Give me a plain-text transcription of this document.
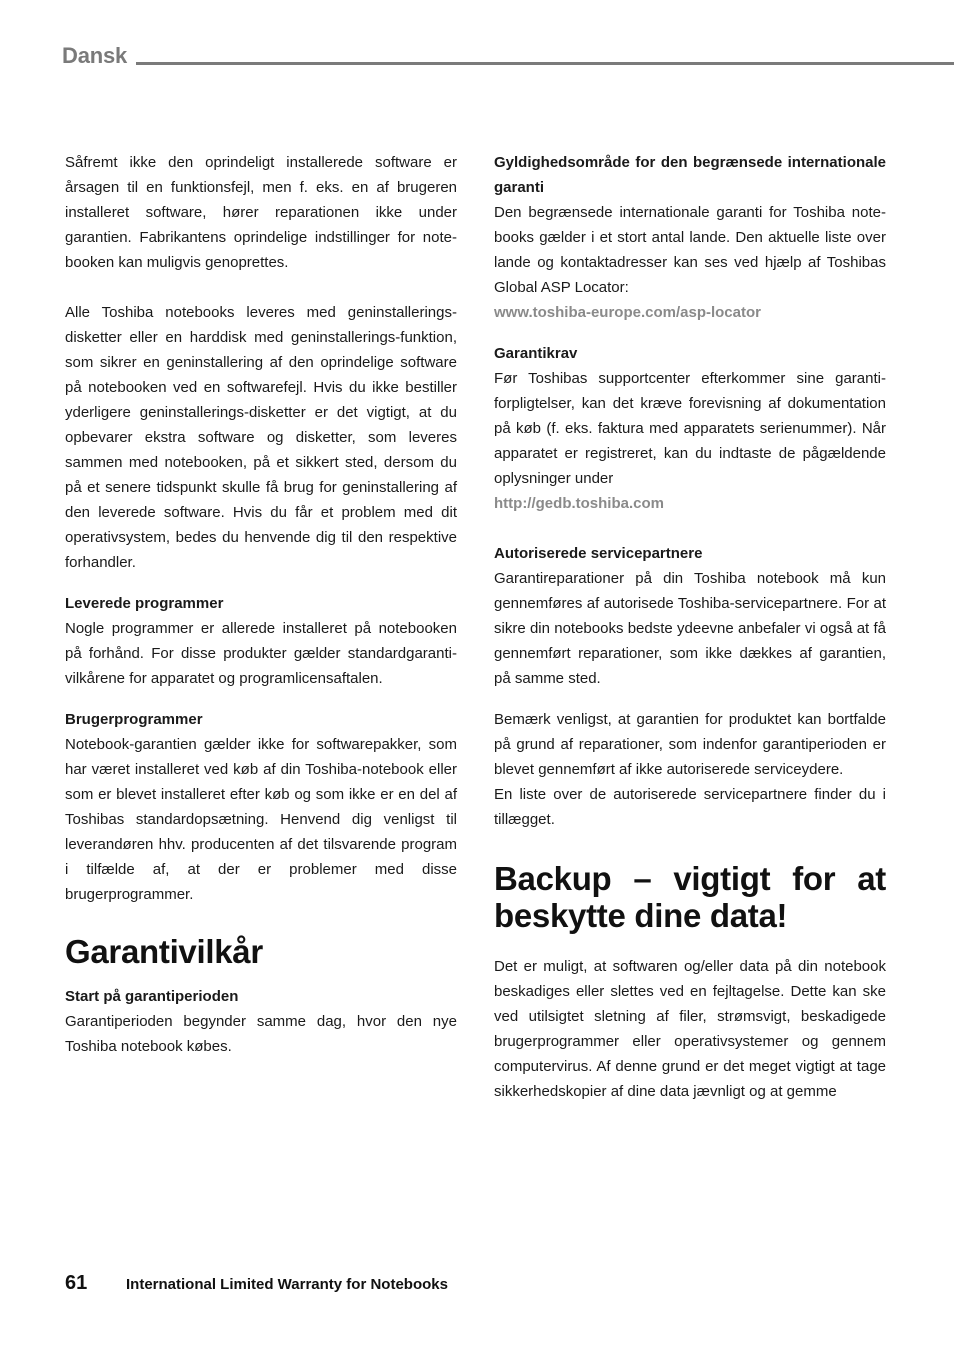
Dansk

Såfremt ikke den oprindeligt installerede software er årsagen til en funktionsfejl, men f. eks. en af brugeren installeret software, hører reparationen ikke under garantien. Fabrikantens oprindelige indstillinger for notebooken kan muligvis genoprettes.

Alle Toshiba notebooks leveres med geninstalleringsdisketter eller en harddisk med geninstallerings-funktion, som sikrer en geninstallering af den oprindelige software på notebooken ved en softwarefejl. Hvis du ikke bestiller yderligere geninstallerings-disketter er det vigtigt, at du opbevarer ekstra software og disketter, som leveres sammen med notebooken, på et sikkert sted, dersom du på et senere tidspunkt skulle få brug for geninstallering af den leverede software. Hvis du får et problem med dit operativsystem, bedes du henvende dig til den respektive forhandler.

Leverede programmer

Nogle programmer er allerede installeret på notebooken på forhånd. For disse produkter gælder standardgarantivilkårene for apparatet og programlicensaftalen.

Brugerprogrammer

Notebook-garantien gælder ikke for softwarepakker, som har været installeret ved køb af din Toshiba-notebook eller som er blevet installeret efter køb og som ikke er en del af Toshibas standardopsætning. Henvend dig venligst til leverandøren hhv. producenten af det tilsvarende program i tilfælde af, at der er problemer med disse brugerprogrammer.

Garantivilkår

Start på garantiperioden

Garantiperioden begynder samme dag, hvor den nye Toshiba notebook købes.

Gyldighedsområde for den begrænsede internationale garanti

Den begrænsede internationale garanti for Toshiba notebooks gælder i et stort antal lande. Den aktuelle liste over lande og kontaktadresser kan ses ved hjælp af Toshibas Global ASP Locator:

www.toshiba-europe.com/asp-locator

Garantikrav

Før Toshibas supportcenter efterkommer sine garantiforpligtelser, kan det kræve forevisning af dokumentation på køb (f. eks. faktura med apparatets serienummer). Når apparatet er registreret, kan du indtaste de pågældende oplysninger under

http://gedb.toshiba.com

Autoriserede servicepartnere

Garantireparationer på din Toshiba notebook må kun gennemføres af autorisede Toshiba-servicepartnere. For at sikre din notebooks bedste ydeevne anbefaler vi også at få gennemført reparationer, som ikke dækkes af garantien, på samme sted.

Bemærk venligst, at garantien for produktet kan bortfalde på grund af reparationer, som indenfor garantiperioden er blevet gennemført af ikke autoriserede serviceydere.

En liste over de autoriserede servicepartnere finder du i tillægget.

Backup – vigtigt for at beskytte dine data!

Det er muligt, at softwaren og/eller data på din notebook beskadiges eller slettes ved en fejltagelse. Dette kan ske ved utilsigtet sletning af filer, strømsvigt, beskadigede brugerprogrammer eller operativsystemer og gennem computervirus. Af denne grund er det meget vigtigt at tage sikkerhedskopier af dine data jævnligt og at gemme

61	International Limited Warranty for Notebooks
